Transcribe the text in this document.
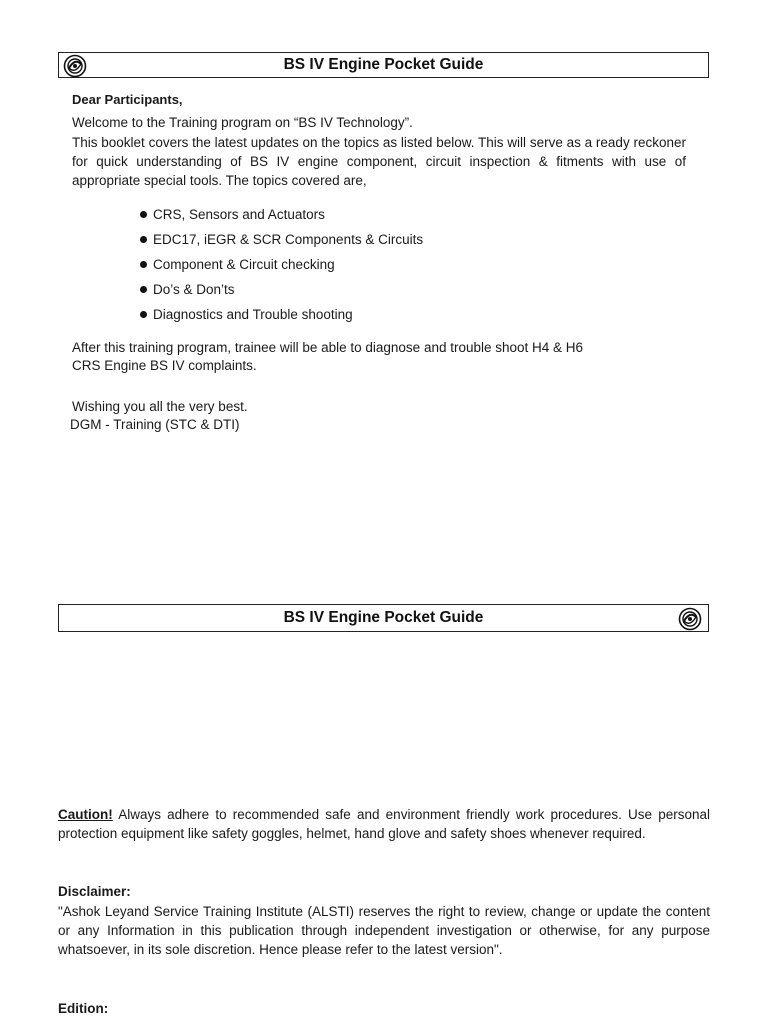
BS IV Engine Pocket Guide
Dear Participants,
Welcome to the Training program on “BS IV Technology”.
This booklet covers the latest updates on the topics as listed below. This will serve as a ready reckoner for quick understanding of BS IV engine component, circuit inspection & fitments with use of appropriate special tools. The topics covered are,
CRS, Sensors and Actuators
EDC17, iEGR & SCR Components & Circuits
Component & Circuit checking
Do’s & Don’ts
Diagnostics and Trouble shooting
After this training program, trainee will be able to diagnose and trouble shoot H4 & H6
CRS Engine BS IV complaints.
Wishing you all the very best.
DGM - Training (STC & DTI)
BS IV Engine Pocket Guide
Caution! Always adhere to recommended safe and environment friendly work procedures. Use personal protection equipment like safety goggles, helmet, hand glove and safety shoes whenever required.
Disclaimer:
"Ashok Leyand Service Training Institute (ALSTI) reserves the right to review, change or update the content or any Information in this publication through independent investigation or otherwise, for any purpose whatsoever, in its sole discretion. Hence please refer to the latest version".
Edition:
